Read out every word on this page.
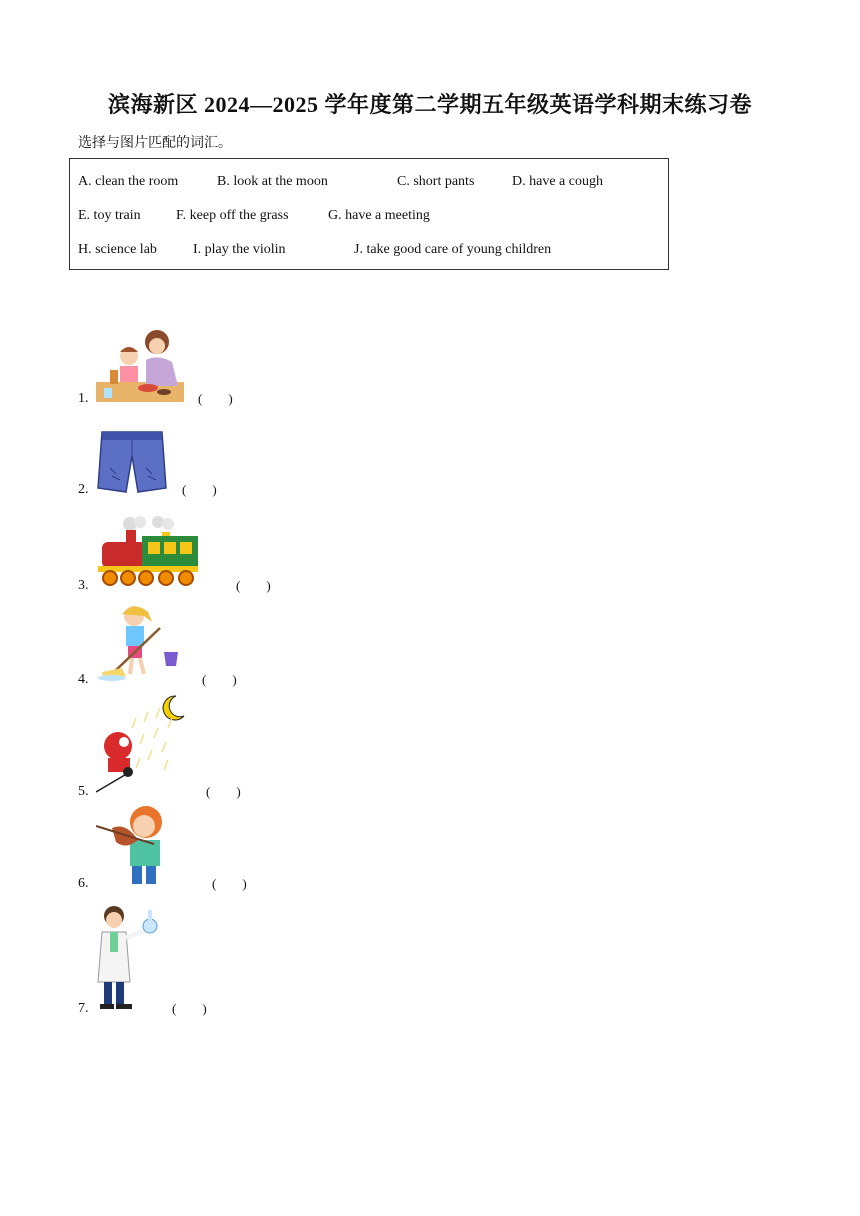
滨海新区 2024—2025 学年度第二学期五年级英语学科期末练习卷
选择与图片匹配的词汇。
A. clean the room	B. look at the moon	C. short pants	D. have a cough
E. toy train	F. keep off the grass	G. have a meeting
H. science lab	I. play the violin	J. take good care of young children
1.	(        )
2.	(        )
3.	(        )
4.	(        )
5.	(        )
6.	(        )
7.	(        )
